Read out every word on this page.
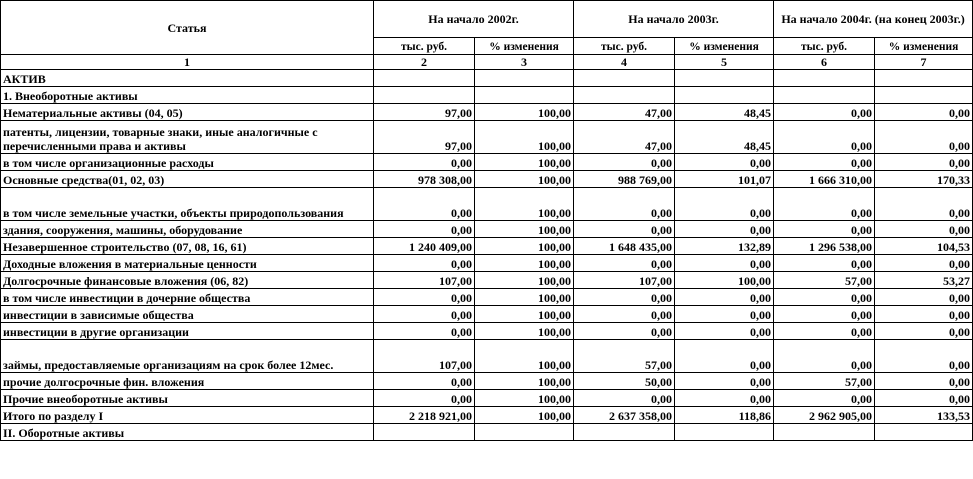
Статья	На начало 2002г.		На начало 2003г.		На начало 2004г. (на конец 2003г.)	
	тыс. руб.	% изменения	тыс. руб.	% изменения	тыс. руб.	% изменения
1	2	3	4	5	6	7
АКТИВ						
1. Внеоборотные активы						
Нематериальные активы (04, 05)	97,00	100,00	47,00	48,45	0,00	0,00
патенты, лицензии, товарные знаки, иные аналогичные с перечисленными права и активы	97,00	100,00	47,00	48,45	0,00	0,00
в том числе организационные расходы	0,00	100,00	0,00	0,00	0,00	0,00
Основные средства(01, 02, 03)	978 308,00	100,00	988 769,00	101,07	1 666 310,00	170,33
в том числе земельные участки, объекты природопользования	0,00	100,00	0,00	0,00	0,00	0,00
здания, сооружения, машины, оборудование	0,00	100,00	0,00	0,00	0,00	0,00
Незавершенное строительство (07, 08, 16, 61)	1 240 409,00	100,00	1 648 435,00	132,89	1 296 538,00	104,53
Доходные вложения в материальные ценности	0,00	100,00	0,00	0,00	0,00	0,00
Долгосрочные финансовые вложения (06, 82)	107,00	100,00	107,00	100,00	57,00	53,27
в том числе инвестиции в дочерние общества	0,00	100,00	0,00	0,00	0,00	0,00
инвестиции в зависимые общества	0,00	100,00	0,00	0,00	0,00	0,00
инвестиции в другие организации	0,00	100,00	0,00	0,00	0,00	0,00
займы, предоставляемые организациям на срок более 12мес.	107,00	100,00	57,00	0,00	0,00	0,00
прочие долгосрочные фин. вложения	0,00	100,00	50,00	0,00	57,00	0,00
Прочие внеоборотные активы	0,00	100,00	0,00	0,00	0,00	0,00
Итого по разделу I	2 218 921,00	100,00	2 637 358,00	118,86	2 962 905,00	133,53
II. Оборотные активы						
